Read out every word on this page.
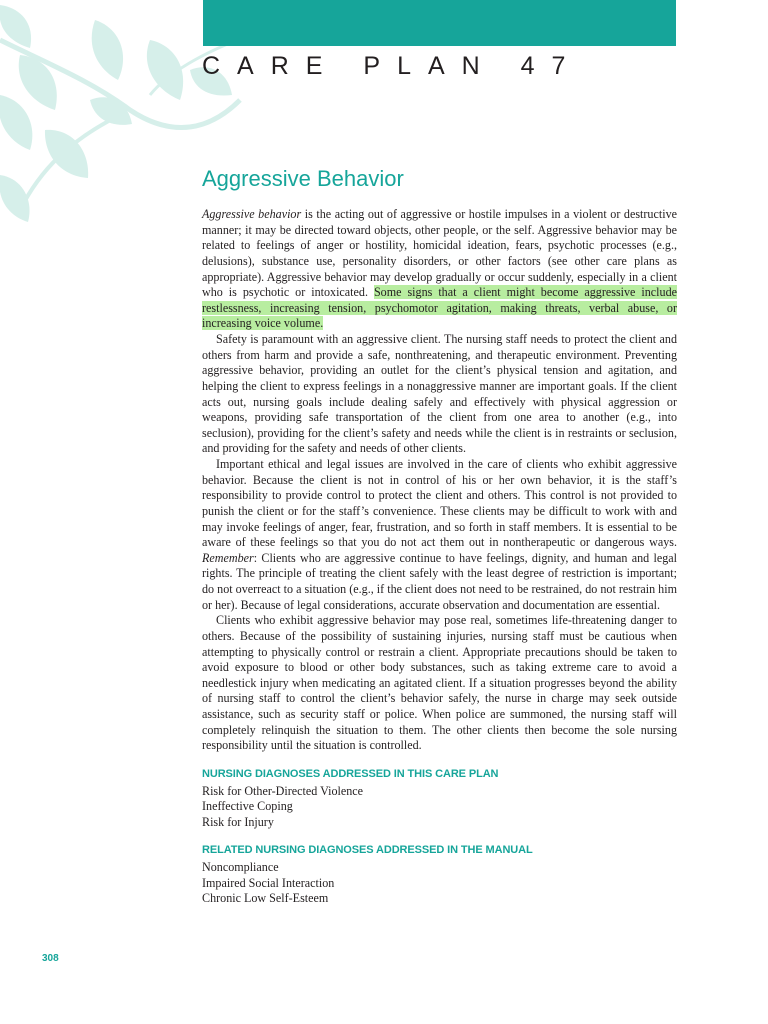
CARE PLAN 47
Aggressive Behavior

Aggressive behavior is the acting out of aggressive or hostile impulses in a violent or destructive manner; it may be directed toward objects, other people, or the self. Aggressive behavior may be related to feelings of anger or hostility, homicidal ideation, fears, psychotic processes (e.g., delusions), substance use, personality disorders, or other factors (see other care plans as appropriate). Aggressive behavior may develop gradually or occur suddenly, especially in a client who is psychotic or intoxicated. Some signs that a client might become aggressive include restlessness, increasing tension, psychomotor agitation, making threats, verbal abuse, or increasing voice volume.

Safety is paramount with an aggressive client. The nursing staff needs to protect the client and others from harm and provide a safe, nonthreatening, and therapeutic environment. Preventing aggressive behavior, providing an outlet for the client’s physical tension and agitation, and helping the client to express feelings in a nonaggressive manner are important goals. If the client acts out, nursing goals include dealing safely and effectively with physical aggression or weapons, providing safe transportation of the client from one area to another (e.g., into seclusion), providing for the client’s safety and needs while the client is in restraints or seclusion, and providing for the safety and needs of other clients.

Important ethical and legal issues are involved in the care of clients who exhibit aggressive behavior. Because the client is not in control of his or her own behavior, it is the staff’s responsibility to provide control to protect the client and others. This control is not provided to punish the client or for the staff’s convenience. These clients may be difficult to work with and may invoke feelings of anger, fear, frustration, and so forth in staff members. It is essential to be aware of these feelings so that you do not act them out in nontherapeutic or dangerous ways. Remember: Clients who are aggressive continue to have feelings, dignity, and human and legal rights. The principle of treating the client safely with the least degree of restriction is important; do not overreact to a situation (e.g., if the client does not need to be restrained, do not restrain him or her). Because of legal considerations, accurate observation and documentation are essential.

Clients who exhibit aggressive behavior may pose real, sometimes life-threatening danger to others. Because of the possibility of sustaining injuries, nursing staff must be cautious when attempting to physically control or restrain a client. Appropriate precautions should be taken to avoid exposure to blood or other body substances, such as taking extreme care to avoid a needlestick injury when medicating an agitated client. If a situation progresses beyond the ability of nursing staff to control the client’s behavior safely, the nurse in charge may seek outside assistance, such as security staff or police. When police are summoned, the nursing staff will completely relinquish the situation to them. The other clients then become the sole nursing responsibility until the situation is controlled.

NURSING DIAGNOSES ADDRESSED IN THIS CARE PLAN
Risk for Other-Directed Violence
Ineffective Coping
Risk for Injury
RELATED NURSING DIAGNOSES ADDRESSED IN THE MANUAL
Noncompliance
Impaired Social Interaction
Chronic Low Self-Esteem
308
